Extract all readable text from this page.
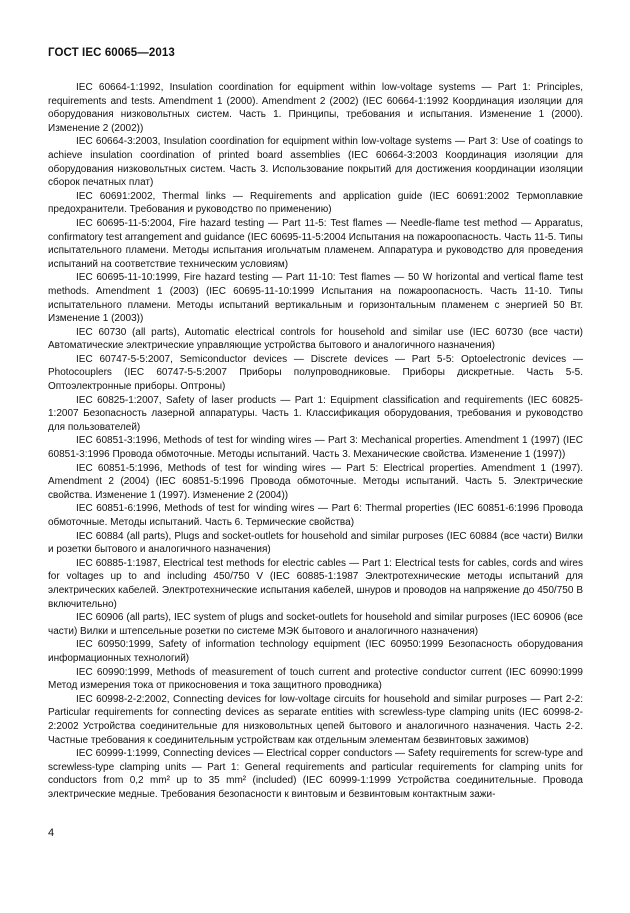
ГОСТ IEC 60065—2013

IEC 60664-1:1992, Insulation coordination for equipment within low-voltage systems — Part 1: Principles, requirements and tests. Amendment 1 (2000). Amendment 2 (2002) (IEC 60664-1:1992 Координация изоляции для оборудования низковольтных систем. Часть 1. Принципы, требования и испытания. Изменение 1 (2000). Изменение 2 (2002))

IEC 60664-3:2003, Insulation coordination for equipment within low-voltage systems — Part 3: Use of coatings to achieve insulation coordination of printed board assemblies (IEC 60664-3:2003 Координация изоляции для оборудования низковольтных систем. Часть 3. Использование покрытий для достижения координации изоляции сборок печатных плат)

IEC 60691:2002, Thermal links — Requirements and application guide (IEC 60691:2002 Термоплавкие предохранители. Требования и руководство по применению)

IEC 60695-11-5:2004, Fire hazard testing — Part 11-5: Test flames — Needle-flame test method — Apparatus, confirmatory test arrangement and guidance (IEC 60695-11-5:2004 Испытания на пожароопасность. Часть 11-5. Типы испытательного пламени. Методы испытания игольчатым пламенем. Аппаратура и руководство для проведения испытаний на соответствие техническим условиям)

IEC 60695-11-10:1999, Fire hazard testing — Part 11-10: Test flames — 50 W horizontal and vertical flame test methods. Amendment 1 (2003) (IEC 60695-11-10:1999 Испытания на пожароопасность. Часть 11-10. Типы испытательного пламени. Методы испытаний вертикальным и горизонтальным пламенем с энергией 50 Вт. Изменение 1 (2003))

IEC 60730 (all parts), Automatic electrical controls for household and similar use (IEC 60730 (все части) Автоматические электрические управляющие устройства бытового и аналогичного назначения)

IEC 60747-5-5:2007, Semiconductor devices — Discrete devices — Part 5-5: Optoelectronic devices — Photocouplers (IEC 60747-5-5:2007 Приборы полупроводниковые. Приборы дискретные. Часть 5-5. Оптоэлектронные приборы. Оптроны)

IEC 60825-1:2007, Safety of laser products — Part 1: Equipment classification and requirements (IEC 60825-1:2007 Безопасность лазерной аппаратуры. Часть 1. Классификация оборудования, требования и руководство для пользователей)

IEC 60851-3:1996, Methods of test for winding wires — Part 3: Mechanical properties. Amendment 1 (1997) (IEC 60851-3:1996 Провода обмоточные. Методы испытаний. Часть 3. Механические свойства. Изменение 1 (1997))

IEC 60851-5:1996, Methods of test for winding wires — Part 5: Electrical properties. Amendment 1 (1997). Amendment 2 (2004) (IEC 60851-5:1996 Провода обмоточные. Методы испытаний. Часть 5. Электрические свойства. Изменение 1 (1997). Изменение 2 (2004))

IEC 60851-6:1996, Methods of test for winding wires — Part 6: Thermal properties (IEC 60851-6:1996 Провода обмоточные. Методы испытаний. Часть 6. Термические свойства)

IEC 60884 (all parts), Plugs and socket-outlets for household and similar purposes (IEC 60884 (все части) Вилки и розетки бытового и аналогичного назначения)

IEC 60885-1:1987, Electrical test methods for electric cables — Part 1: Electrical tests for cables, cords and wires for voltages up to and including 450/750 V (IEC 60885-1:1987 Электротехнические методы испытаний для электрических кабелей. Электротехнические испытания кабелей, шнуров и проводов на напряжение до 450/750 В включительно)

IEC 60906 (all parts), IEC system of plugs and socket-outlets for household and similar purposes (IEC 60906 (все части) Вилки и штепсельные розетки по системе МЭК бытового и аналогичного назначения)

IEC 60950:1999, Safety of information technology equipment (IEC 60950:1999 Безопасность оборудования информационных технологий)

IEC 60990:1999, Methods of measurement of touch current and protective conductor current (IEC 60990:1999 Метод измерения тока от прикосновения и тока защитного проводника)

IEC 60998-2-2:2002, Connecting devices for low-voltage circuits for household and similar purposes — Part 2-2: Particular requirements for connecting devices as separate entities with screwless-type clamping units (IEC 60998-2-2:2002 Устройства соединительные для низковольтных цепей бытового и аналогичного назначения. Часть 2-2. Частные требования к соединительным устройствам как отдельным элементам безвинтовых зажимов)

IEC 60999-1:1999, Connecting devices — Electrical copper conductors — Safety requirements for screw-type and screwless-type clamping units — Part 1: General requirements and particular requirements for clamping units for conductors from 0,2 mm² up to 35 mm² (included) (IEC 60999-1:1999 Устройства соединительные. Провода электрические медные. Требования безопасности к винтовым и безвинтовым контактным зажи-

4
